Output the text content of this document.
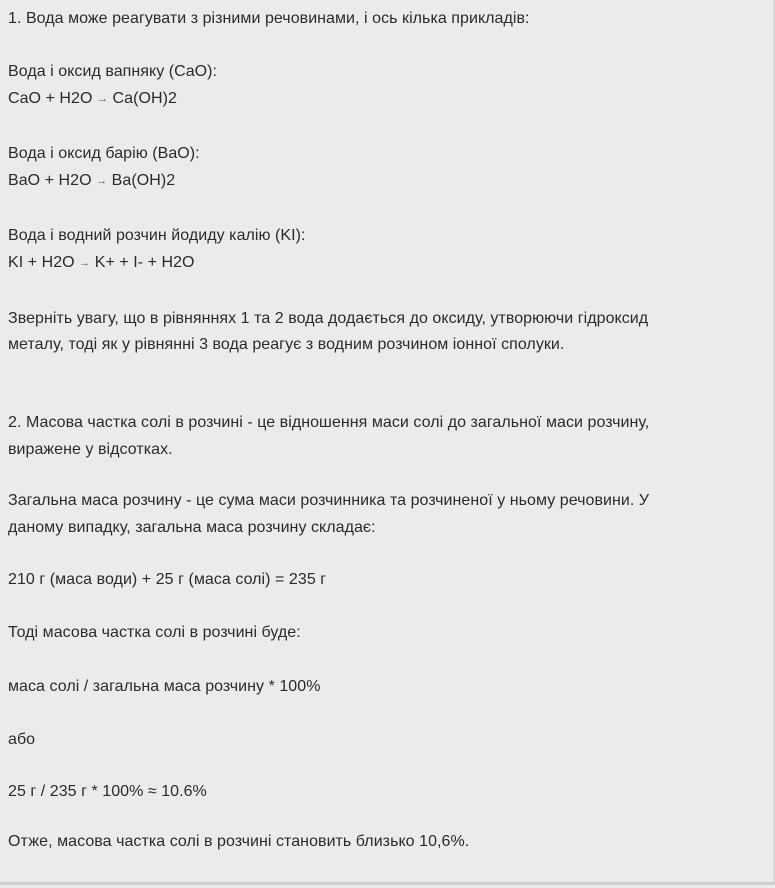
1. Вода може реагувати з різними речовинами, і ось кілька прикладів:
Вода і оксид вапняку (CaO):
CaO + H2O → Ca(OH)2
Вода і оксид барію (BaO):
BaO + H2O → Ba(OH)2
Вода і водний розчин йодиду калію (KI):
KI + H2O → K+ + I- + H2O
Зверніть увагу, що в рівняннях 1 та 2 вода додається до оксиду, утворюючи гідроксид
металу, тоді як у рівнянні 3 вода реагує з водним розчином іонної сполуки.
2. Масова частка солі в розчині - це відношення маси солі до загальної маси розчину,
виражене у відсотках.
Загальна маса розчину - це сума маси розчинника та розчиненої у ньому речовини. У
даному випадку, загальна маса розчину складає:
210 г (маса води) + 25 г (маса солі) = 235 г
Тоді масова частка солі в розчині буде:
маса солі / загальна маса розчину * 100%
або
25 г / 235 г * 100% ≈ 10.6%
Отже, масова частка солі в розчині становить близько 10,6%.
